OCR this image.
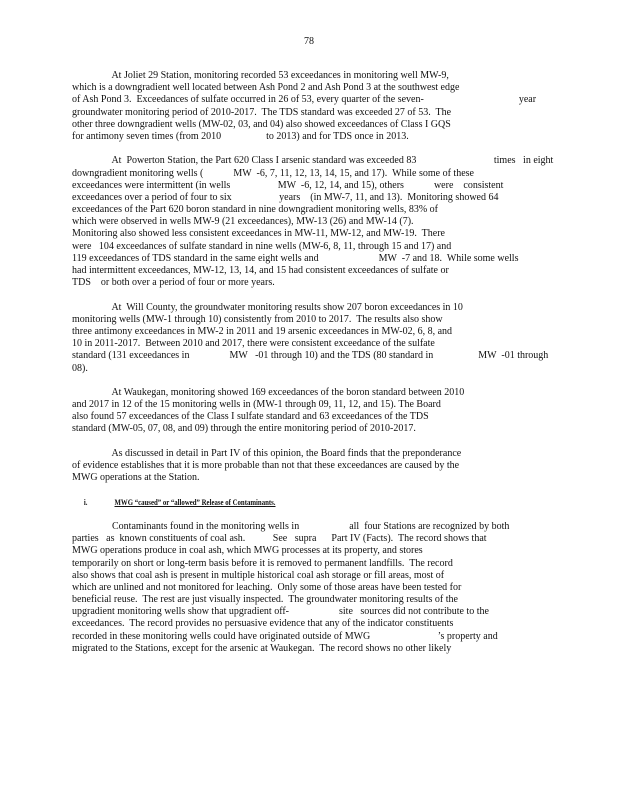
78
At Joliet 29 Station, monitoring recorded 53 exceedances in monitoring well MW-9,
which is a downgradient well located between Ash Pond 2 and Ash Pond 3 at the southwest edge
of Ash Pond 3.  Exceedances of sulfate occurred in 26 of 53, every quarter of the seven-                                      year
groundwater monitoring period of 2010-2017.  The TDS standard was exceeded 27 of 53.  The
other three downgradient wells (MW-02, 03, and 04) also showed exceedances of Class I GQS
for antimony seven times (from 2010                  to 2013) and for TDS once in 2013.
At  Powerton Station, the Part 620 Class I arsenic standard was exceeded 83                               times   in eight
downgradient monitoring wells (            MW  -6, 7, 11, 12, 13, 14, 15, and 17).  While some of these
exceedances were intermittent (in wells                   MW  -6, 12, 14, and 15), others            were    consistent
exceedances over a period of four to six                   years    (in MW-7, 11, and 13).  Monitoring showed 64
exceedances of the Part 620 boron standard in nine downgradient monitoring wells, 83% of
which were observed in wells MW-9 (21 exceedances), MW-13 (26) and MW-14 (7).
Monitoring also showed less consistent exceedances in MW-11, MW-12, and MW-19.  There
were   104 exceedances of sulfate standard in nine wells (MW-6, 8, 11, through 15 and 17) and
119 exceedances of TDS standard in the same eight wells and                        MW  -7 and 18.  While some wells
had intermittent exceedances, MW-12, 13, 14, and 15 had consistent exceedances of sulfate or
TDS    or both over a period of four or more years.
At  Will County, the groundwater monitoring results show 207 boron exceedances in 10
monitoring wells (MW-1 through 10) consistently from 2010 to 2017.  The results also show
three antimony exceedances in MW-2 in 2011 and 19 arsenic exceedances in MW-02, 6, 8, and
10 in 2011-2017.  Between 2010 and 2017, there were consistent exceedance of the sulfate
standard (131 exceedances in                MW   -01 through 10) and the TDS (80 standard in                  MW  -01 through
08).
At Waukegan, monitoring showed 169 exceedances of the boron standard between 2010
and 2017 in 12 of the 15 monitoring wells in (MW-1 through 09, 11, 12, and 15). The Board
also found 57 exceedances of the Class I sulfate standard and 63 exceedances of the TDS
standard (MW-05, 07, 08, and 09) through the entire monitoring period of 2010-2017.
As discussed in detail in Part IV of this opinion, the Board finds that the preponderance
of evidence establishes that it is more probable than not that these exceedances are caused by the
MWG operations at the Station.
i.	MWG “caused” or “allowed” Release of Contaminants.
Contaminants found in the monitoring wells in                    all  four Stations are recognized by both
parties   as  known constituents of coal ash.           See   supra      Part IV (Facts).  The record shows that
MWG operations produce in coal ash, which MWG processes at its property, and stores
temporarily on short or long-term basis before it is removed to permanent landfills.  The record
also shows that coal ash is present in multiple historical coal ash storage or fill areas, most of
which are unlined and not monitored for leaching.  Only some of those areas have been tested for
beneficial reuse.  The rest are just visually inspected.  The groundwater monitoring results of the
upgradient monitoring wells show that upgradient off-                    site   sources did not contribute to the
exceedances.  The record provides no persuasive evidence that any of the indicator constituents
recorded in these monitoring wells could have originated outside of MWG                           ’s property and
migrated to the Stations, except for the arsenic at Waukegan.  The record shows no other likely
